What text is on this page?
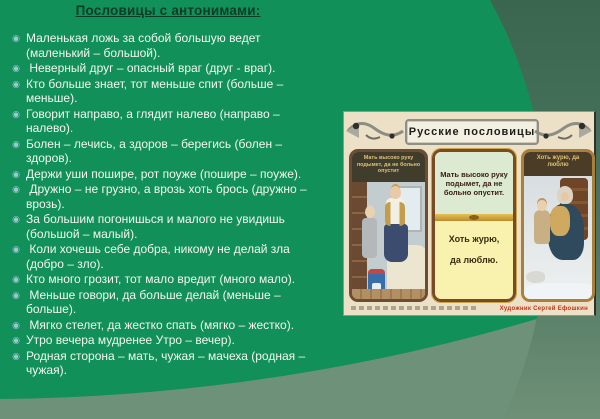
Пословицы с антонимами:
◉ Маленькая ложь за собой большую ведет (маленький – большой).
◉ Неверный друг – опасный враг (друг - враг).
◉ Кто больше знает, тот меньше спит (больше – меньше).
◉ Говорит направо, а глядит налево (направо – налево).
◉ Болен – лечись, а здоров – берегись (болен – здоров).
◉ Держи уши пошире, рот поуже (пошире – поуже).
◉ Дружно – не грузно, а врозь хоть брось (дружно – врозь).
◉ За большим погонишься и малого не увидишь (большой – малый).
◉ Коли хочешь себе добра, никому не делай зла (добро – зло).
◉ Кто много грозит, тот мало вредит (много мало).
◉ Меньше говори, да больше делай (меньше – больше).
◉ Мягко стелет, да жестко спать (мягко – жестко).
◉ Утро вечера мудренее Утро – вечер).
◉ Родная сторона – мать, чужая – мачеха (родная – чужая).
Русские пословицы
Мать высоко руку подымет, да не больно опустит	Мать высоко руку подымет, да не больно опустит.
Хоть журю,
да люблю.
Хоть журю, да люблю
Художник Сергей Ефошкин
